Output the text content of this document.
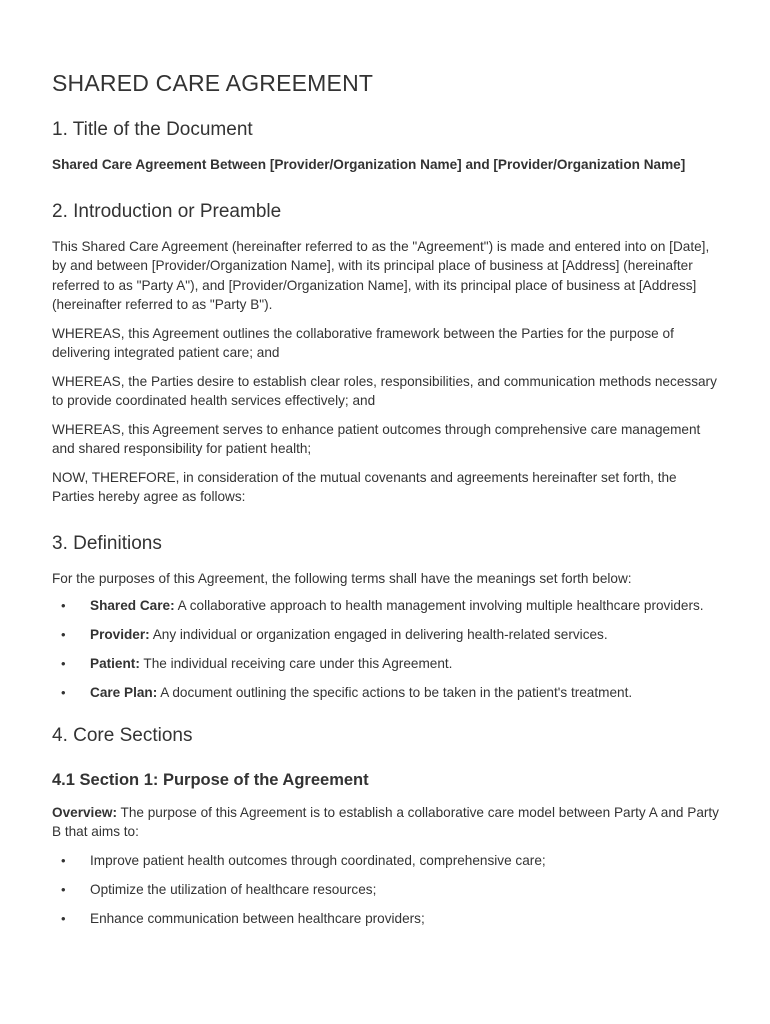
SHARED CARE AGREEMENT
1. Title of the Document

Shared Care Agreement Between [Provider/Organization Name] and [Provider/Organization Name]

2. Introduction or Preamble

This Shared Care Agreement (hereinafter referred to as the "Agreement") is made and entered into on [Date], by and between [Provider/Organization Name], with its principal place of business at [Address] (hereinafter referred to as "Party A"), and [Provider/Organization Name], with its principal place of business at [Address] (hereinafter referred to as "Party B").

WHEREAS, this Agreement outlines the collaborative framework between the Parties for the purpose of delivering integrated patient care; and

WHEREAS, the Parties desire to establish clear roles, responsibilities, and communication methods necessary to provide coordinated health services effectively; and

WHEREAS, this Agreement serves to enhance patient outcomes through comprehensive care management and shared responsibility for patient health;

NOW, THEREFORE, in consideration of the mutual covenants and agreements hereinafter set forth, the Parties hereby agree as follows:

3. Definitions

For the purposes of this Agreement, the following terms shall have the meanings set forth below:

• Shared Care: A collaborative approach to health management involving multiple healthcare providers.
• Provider: Any individual or organization engaged in delivering health-related services.
• Patient: The individual receiving care under this Agreement.
• Care Plan: A document outlining the specific actions to be taken in the patient's treatment.
4. Core Sections
4.1 Section 1: Purpose of the Agreement

Overview: The purpose of this Agreement is to establish a collaborative care model between Party A and Party B that aims to:

• Improve patient health outcomes through coordinated, comprehensive care;
• Optimize the utilization of healthcare resources;
• Enhance communication between healthcare providers;
